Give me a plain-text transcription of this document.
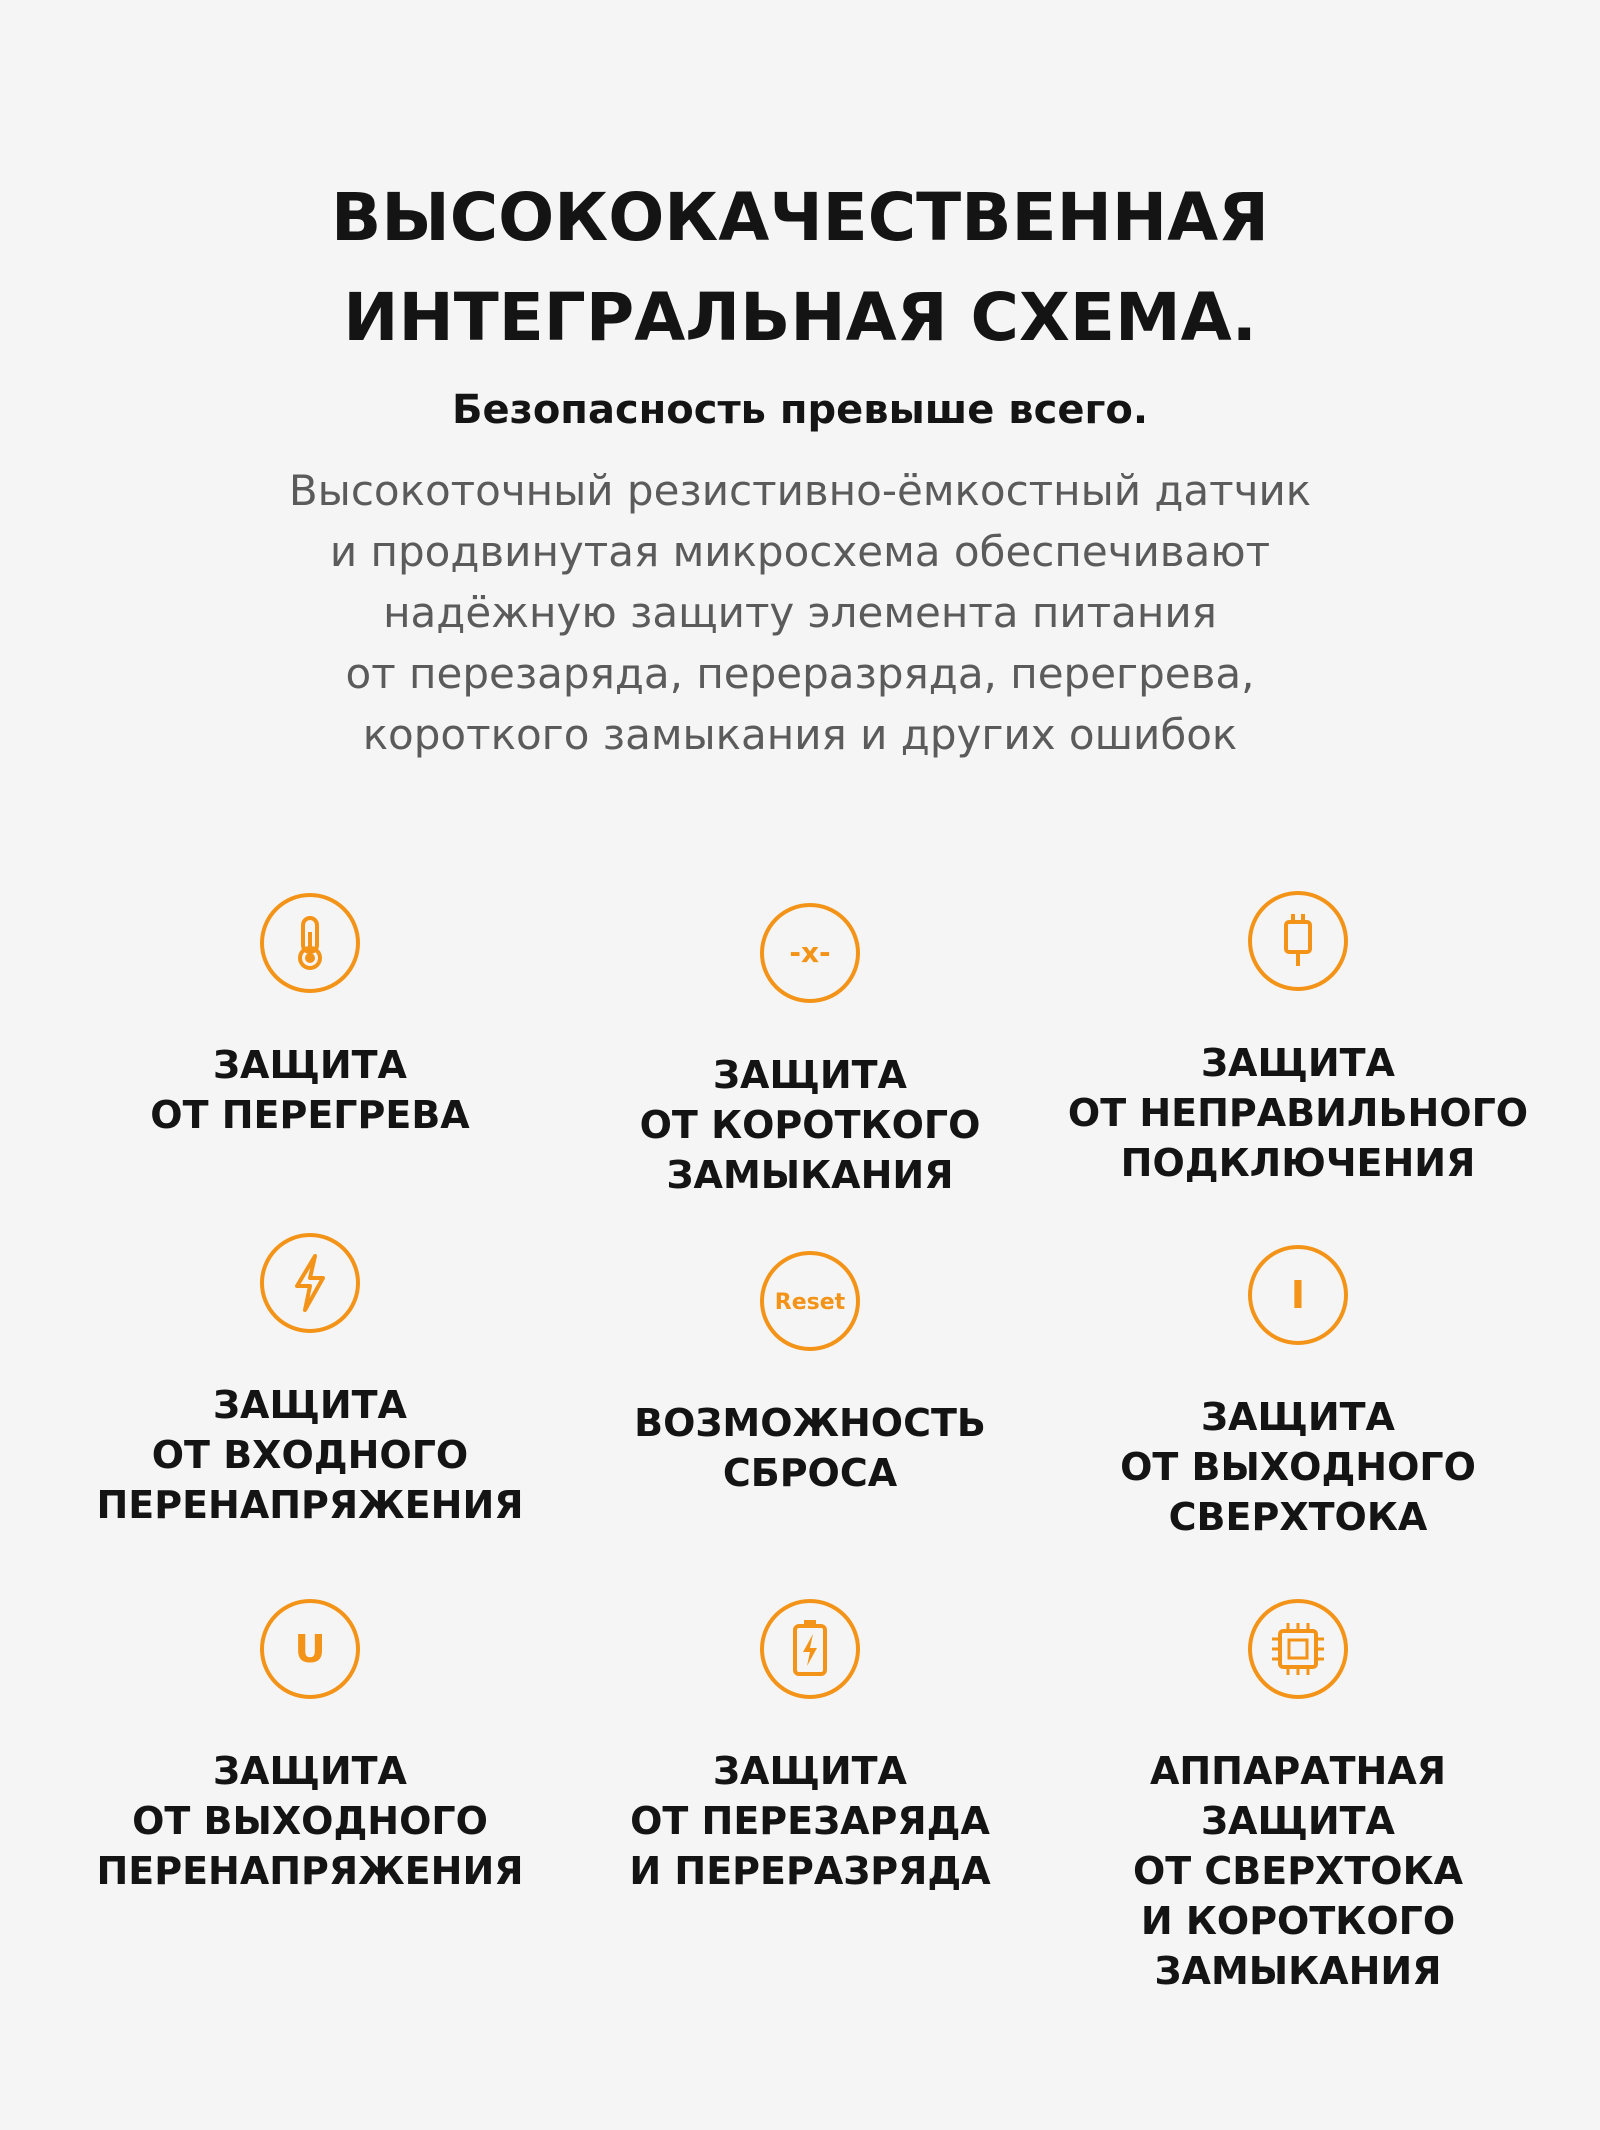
ВЫСОКОКАЧЕСТВЕННАЯ
ИНТЕГРАЛЬНАЯ СХЕМА.
Безопасность превыше всего.
Высокоточный резистивно-ёмкостный датчик
и продвинутая микросхема обеспечивают
надёжную защиту элемента питания
от перезаряда, переразряда, перегрева,
короткого замыкания и других ошибок
ЗАЩИТА
ОТ ПЕРЕГРЕВА
-x-
ЗАЩИТА
ОТ КОРОТКОГО
ЗАМЫКАНИЯ
ЗАЩИТА
ОТ НЕПРАВИЛЬНОГО
ПОДКЛЮЧЕНИЯ
ЗАЩИТА
ОТ ВХОДНОГО
ПЕРЕНАПРЯЖЕНИЯ
Reset
ВОЗМОЖНОСТЬ
СБРОСА
I
ЗАЩИТА
ОТ ВЫХОДНОГО
СВЕРХТОКА
U
ЗАЩИТА
ОТ ВЫХОДНОГО
ПЕРЕНАПРЯЖЕНИЯ
ЗАЩИТА
ОТ ПЕРЕЗАРЯДА
И ПЕРЕРАЗРЯДА
АППАРАТНАЯ
ЗАЩИТА
ОТ СВЕРХТОКА
И КОРОТКОГО
ЗАМЫКАНИЯ
